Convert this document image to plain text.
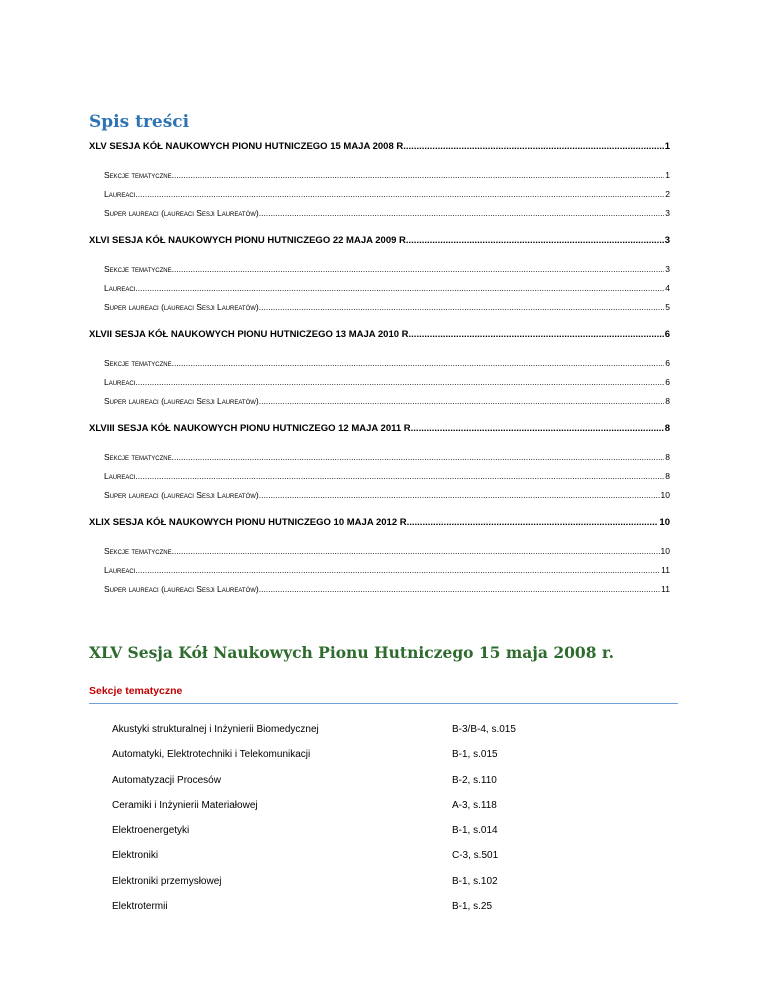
Spis treści
XLV SESJA KÓŁ NAUKOWYCH PIONU HUTNICZEGO 15 MAJA 2008 R. .....	1
Sekcje tematyczne .....	1
Laureaci .....	2
Super laureaci (laureaci Sesji Laureatów) .....	3
XLVI SESJA KÓŁ NAUKOWYCH PIONU HUTNICZEGO 22 MAJA 2009 R. .....	3
Sekcje tematyczne .....	3
Laureaci .....	4
Super laureaci (laureaci Sesji Laureatów) .....	5
XLVII SESJA KÓŁ NAUKOWYCH PIONU HUTNICZEGO 13 MAJA 2010 R. .....	6
Sekcje tematyczne .....	6
Laureaci .....	6
Super laureaci (laureaci Sesji Laureatów) .....	8
XLVIII SESJA KÓŁ NAUKOWYCH PIONU HUTNICZEGO 12 MAJA 2011 R. .....	8
Sekcje tematyczne .....	8
Laureaci .....	8
Super laureaci (laureaci Sesji Laureatów) .....	10
XLIX SESJA KÓŁ NAUKOWYCH PIONU HUTNICZEGO 10 MAJA 2012 R. .....	10
Sekcje tematyczne .....	10
Laureaci .....	11
Super laureaci (laureaci Sesji Laureatów) .....	11
XLV Sesja Kół Naukowych Pionu Hutniczego 15 maja 2008 r.
Sekcje tematyczne
Akustyki strukturalnej i Inżynierii Biomedycznej	B-3/B-4, s.015
Automatyki, Elektrotechniki i Telekomunikacji	B-1, s.015
Automatyzacji Procesów	B-2, s.110
Ceramiki i Inżynierii Materiałowej	A-3, s.118
Elektroenergetyki	B-1, s.014
Elektroniki	C-3, s.501
Elektroniki przemysłowej	B-1, s.102
Elektrotermii	B-1, s.25
